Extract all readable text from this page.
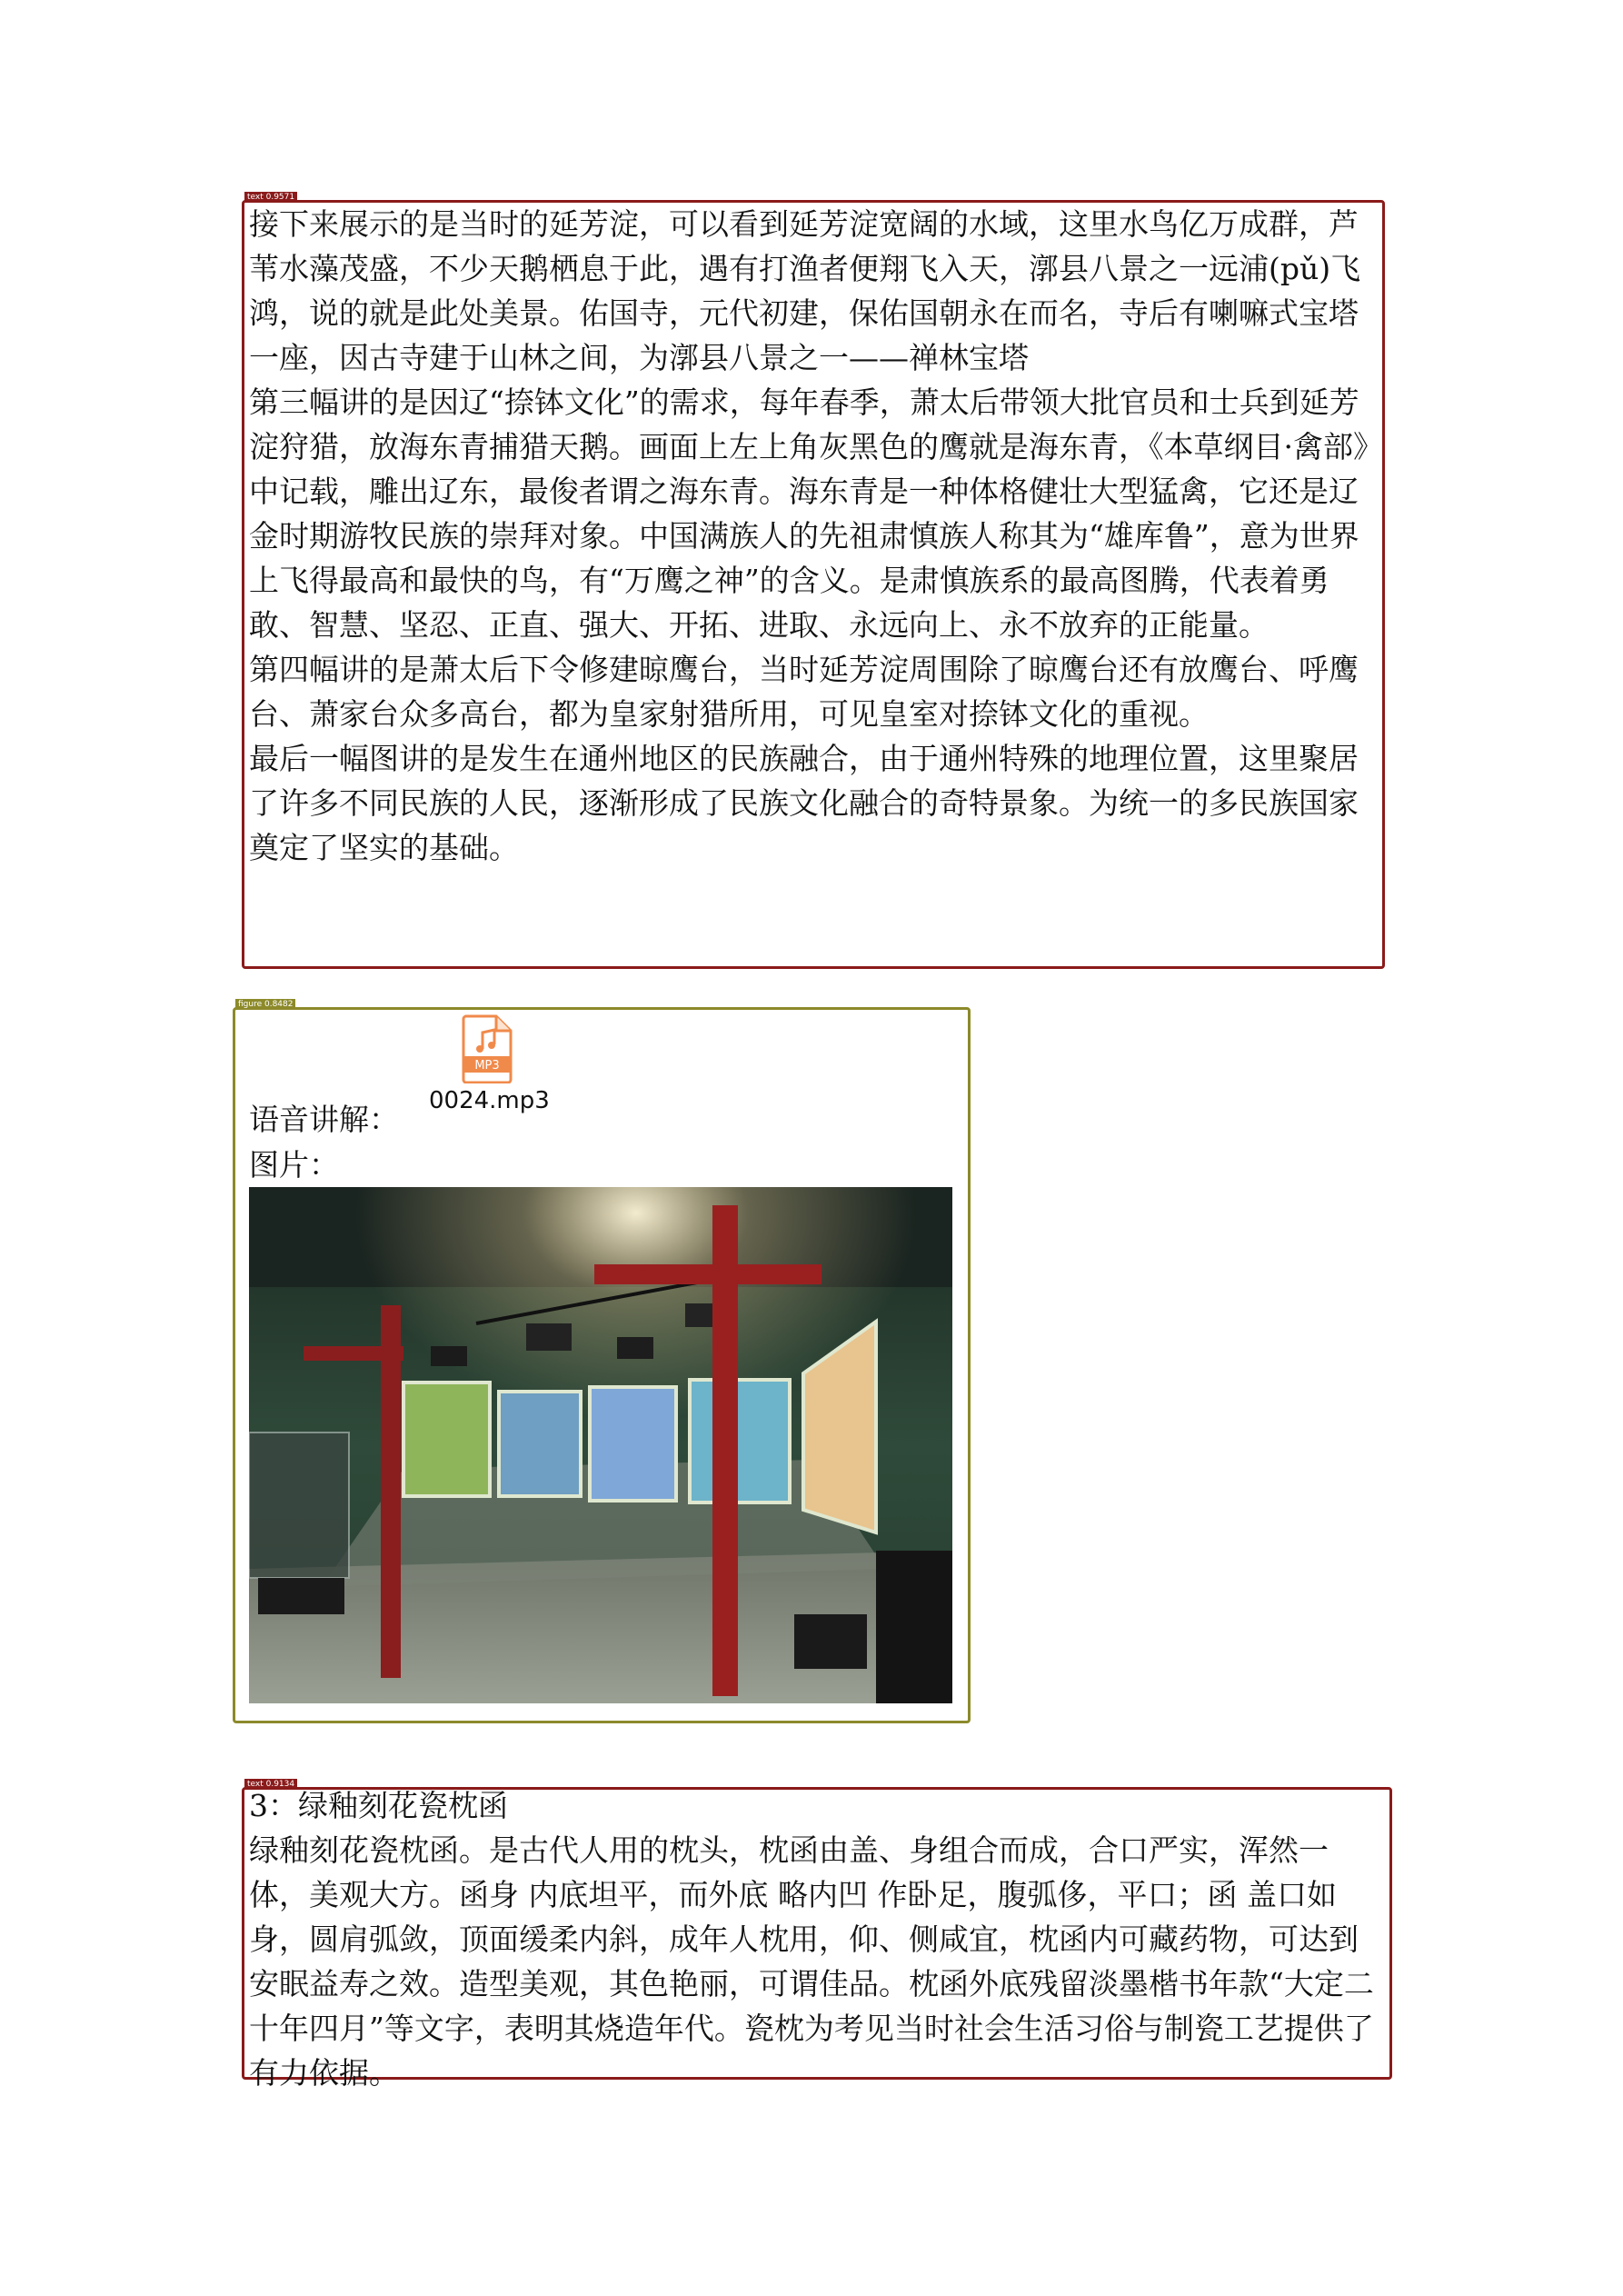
text 0.9571

接下来展示的是当时的延芳淀，可以看到延芳淀宽阔的水域，这里水鸟亿万成群，芦苇水藻茂盛，不少天鹅栖息于此，遇有打渔者便翔飞入天，漷县八景之一远浦(pǔ)飞鸿，说的就是此处美景。佑国寺，元代初建，保佑国朝永在而名，寺后有喇嘛式宝塔一座，因古寺建于山林之间，为漷县八景之一——禅林宝塔

第三幅讲的是因辽“捺钵文化”的需求，每年春季，萧太后带领大批官员和士兵到延芳淀狩猎，放海东青捕猎天鹅。画面上左上角灰黑色的鹰就是海东青，《本草纲目·禽部》中记载，雕出辽东，最俊者谓之海东青。海东青是一种体格健壮大型猛禽，它还是辽金时期游牧民族的崇拜对象。中国满族人的先祖肃慎族人称其为“雄库鲁”，意为世界上飞得最高和最快的鸟，有“万鹰之神”的含义。是肃慎族系的最高图腾，代表着勇敢、智慧、坚忍、正直、强大、开拓、进取、永远向上、永不放弃的正能量。

第四幅讲的是萧太后下令修建晾鹰台，当时延芳淀周围除了晾鹰台还有放鹰台、呼鹰台、萧家台众多高台，都为皇家射猎所用，可见皇室对捺钵文化的重视。

最后一幅图讲的是发生在通州地区的民族融合，由于通州特殊的地理位置，这里聚居了许多不同民族的人民，逐渐形成了民族文化融合的奇特景象。为统一的多民族国家奠定了坚实的基础。

figure 0.8482
语音讲解：
MP3
0024.mp3
图片：
text 0.9134

3：绿釉刻花瓷枕函

绿釉刻花瓷枕函。是古代人用的枕头，枕函由盖、身组合而成，合口严实，浑然一体，美观大方。函身 内底坦平，而外底 略内凹 作卧足，腹弧侈，平口；函 盖口如身，圆肩弧敛，顶面缓柔内斜，成年人枕用，仰、侧咸宜，枕函内可藏药物，可达到安眠益寿之效。造型美观，其色艳丽，可谓佳品。枕函外底残留淡墨楷书年款“大定二十年四月”等文字，表明其烧造年代。瓷枕为考见当时社会生活习俗与制瓷工艺提供了有力依据。
